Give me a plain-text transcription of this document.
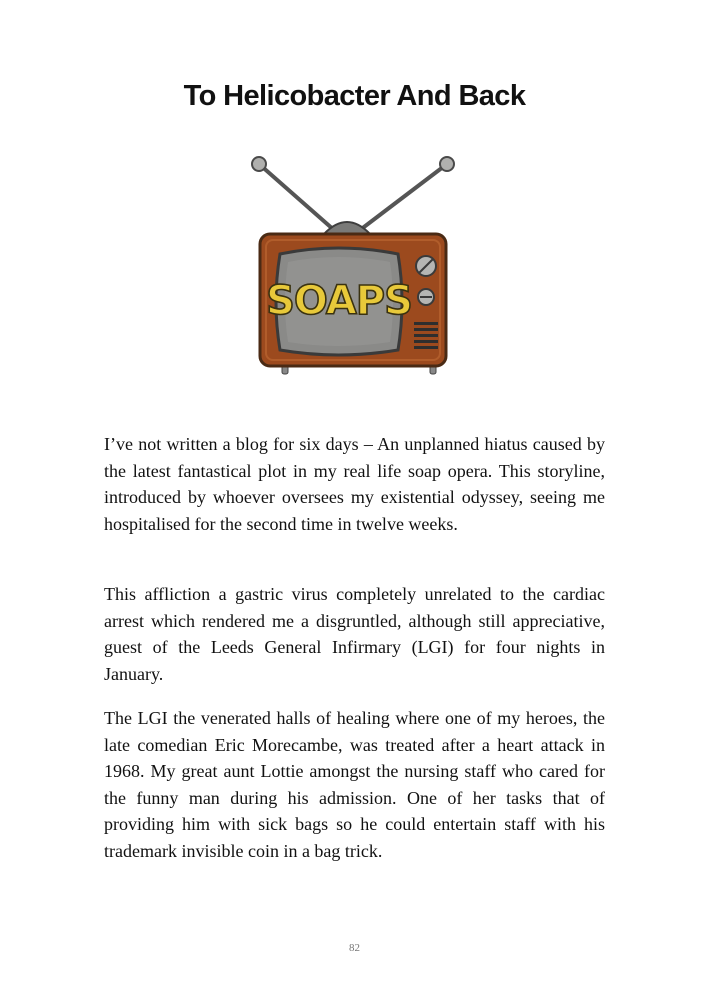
To Helicobacter And Back
SOAPS

I’ve not written a blog for six days – An unplanned hiatus caused by the latest fantastical plot in my real life soap opera. This storyline, introduced by whoever oversees my existential odyssey, seeing me hospitalised for the second time in twelve weeks.

This affliction a gastric virus completely unrelated to the cardiac arrest which rendered me a disgruntled, although still appreciative, guest of the Leeds General Infirmary (LGI) for four nights in January.

The LGI the venerated halls of healing where one of my heroes, the late comedian Eric Morecambe, was treated after a heart attack in 1968. My great aunt Lottie amongst the nursing staff who cared for the funny man during his admission. One of her tasks that of providing him with sick bags so he could entertain staff with his trademark invisible coin in a bag trick.

82
